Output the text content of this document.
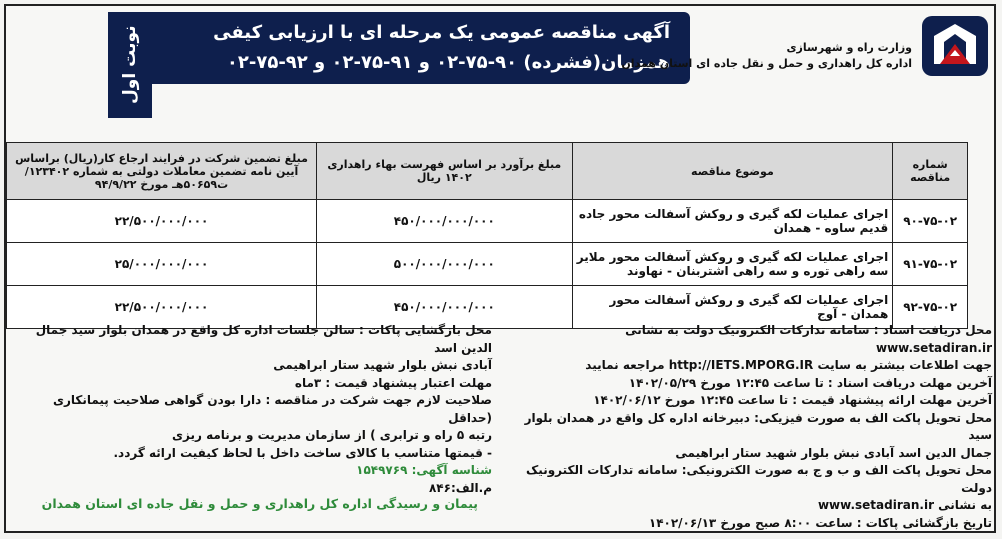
آگهی مناقصه عمومی یک مرحله ای با ارزیابی کیفی همزمان(فشرده) ۹۰-۷۵-۰۲ و ۹۱-۷۵-۰۲ و ۹۲-۷۵-۰۲
نوبت اول	وزارت راه و شهرسازی
اداره کل راهداری و حمل و نقل جاده ای استان همدان
شماره مناقصه	موضوع مناقصه	مبلغ برآورد بر اساس فهرست بهاء راهداری ۱۴۰۲ ریال	مبلغ تضمین شرکت در فرایند ارجاع کار(ریال) براساس آیین نامه تضمین معاملات دولتی به شماره ۱۲۳۴۰۲/ت۵۰۶۵۹هـ مورخ ۹۴/۹/۲۲
۹۰-۷۵-۰۲	اجرای عملیات لکه گیری و روکش آسفالت محور جاده قدیم ساوه - همدان	۴۵۰/۰۰۰/۰۰۰/۰۰۰	۲۲/۵۰۰/۰۰۰/۰۰۰
۹۱-۷۵-۰۲	اجرای عملیات لکه گیری و روکش آسفالت محور ملایر سه راهی توره و سه راهی اشتربنان - نهاوند	۵۰۰/۰۰۰/۰۰۰/۰۰۰	۲۵/۰۰۰/۰۰۰/۰۰۰
۹۲-۷۵-۰۲	اجرای عملیات لکه گیری و روکش آسفالت محور همدان - آوج	۴۵۰/۰۰۰/۰۰۰/۰۰۰	۲۲/۵۰۰/۰۰۰/۰۰۰
محل دریافت اسناد : سامانه تدارکات الکترونیک دولت به نشانی www.setadiran.ir
جهت اطلاعات بیشتر به سایت http://IETS.MPORG.IR مراجعه نمایید
آخرین مهلت دریافت اسناد : تا ساعت ۱۲:۴۵ مورخ ۱۴۰۲/۰۵/۲۹
آخرین مهلت ارائه پیشنهاد قیمت : تا ساعت ۱۲:۴۵ مورخ ۱۴۰۲/۰۶/۱۲
محل تحویل پاکت الف به صورت فیزیکی: دبیرخانه اداره کل واقع در همدان بلوار سید
جمال الدین اسد آبادی نبش بلوار شهید ستار ابراهیمی
محل تحویل پاکت الف و ب و ج به صورت الکترونیکی: سامانه تدارکات الکترونیک دولت
به نشانی www.setadiran.ir
تاریخ بازگشائی پاکات : ساعت ۸:۰۰ صبح مورخ ۱۴۰۲/۰۶/۱۳
محل بازگشایی پاکات : سالن جلسات اداره کل واقع در همدان بلوار سید جمال الدین اسد
آبادی نبش بلوار شهید ستار ابراهیمی
مهلت اعتبار پیشنهاد قیمت : ۳ماه
صلاحیت لازم جهت شرکت در مناقصه : دارا بودن گواهی صلاحیت پیمانکاری (حداقل
رتبه ۵ راه و ترابری ) از سازمان مدیریت و برنامه ریزی
- قیمتها متناسب با کالای ساخت داخل با لحاظ کیفیت ارائه گردد.
شناسه آگهی: ۱۵۴۹۷۶۹
م.الف:۸۴۶
پیمان و رسیدگی اداره کل راهداری و حمل و نقل جاده ای استان همدان
